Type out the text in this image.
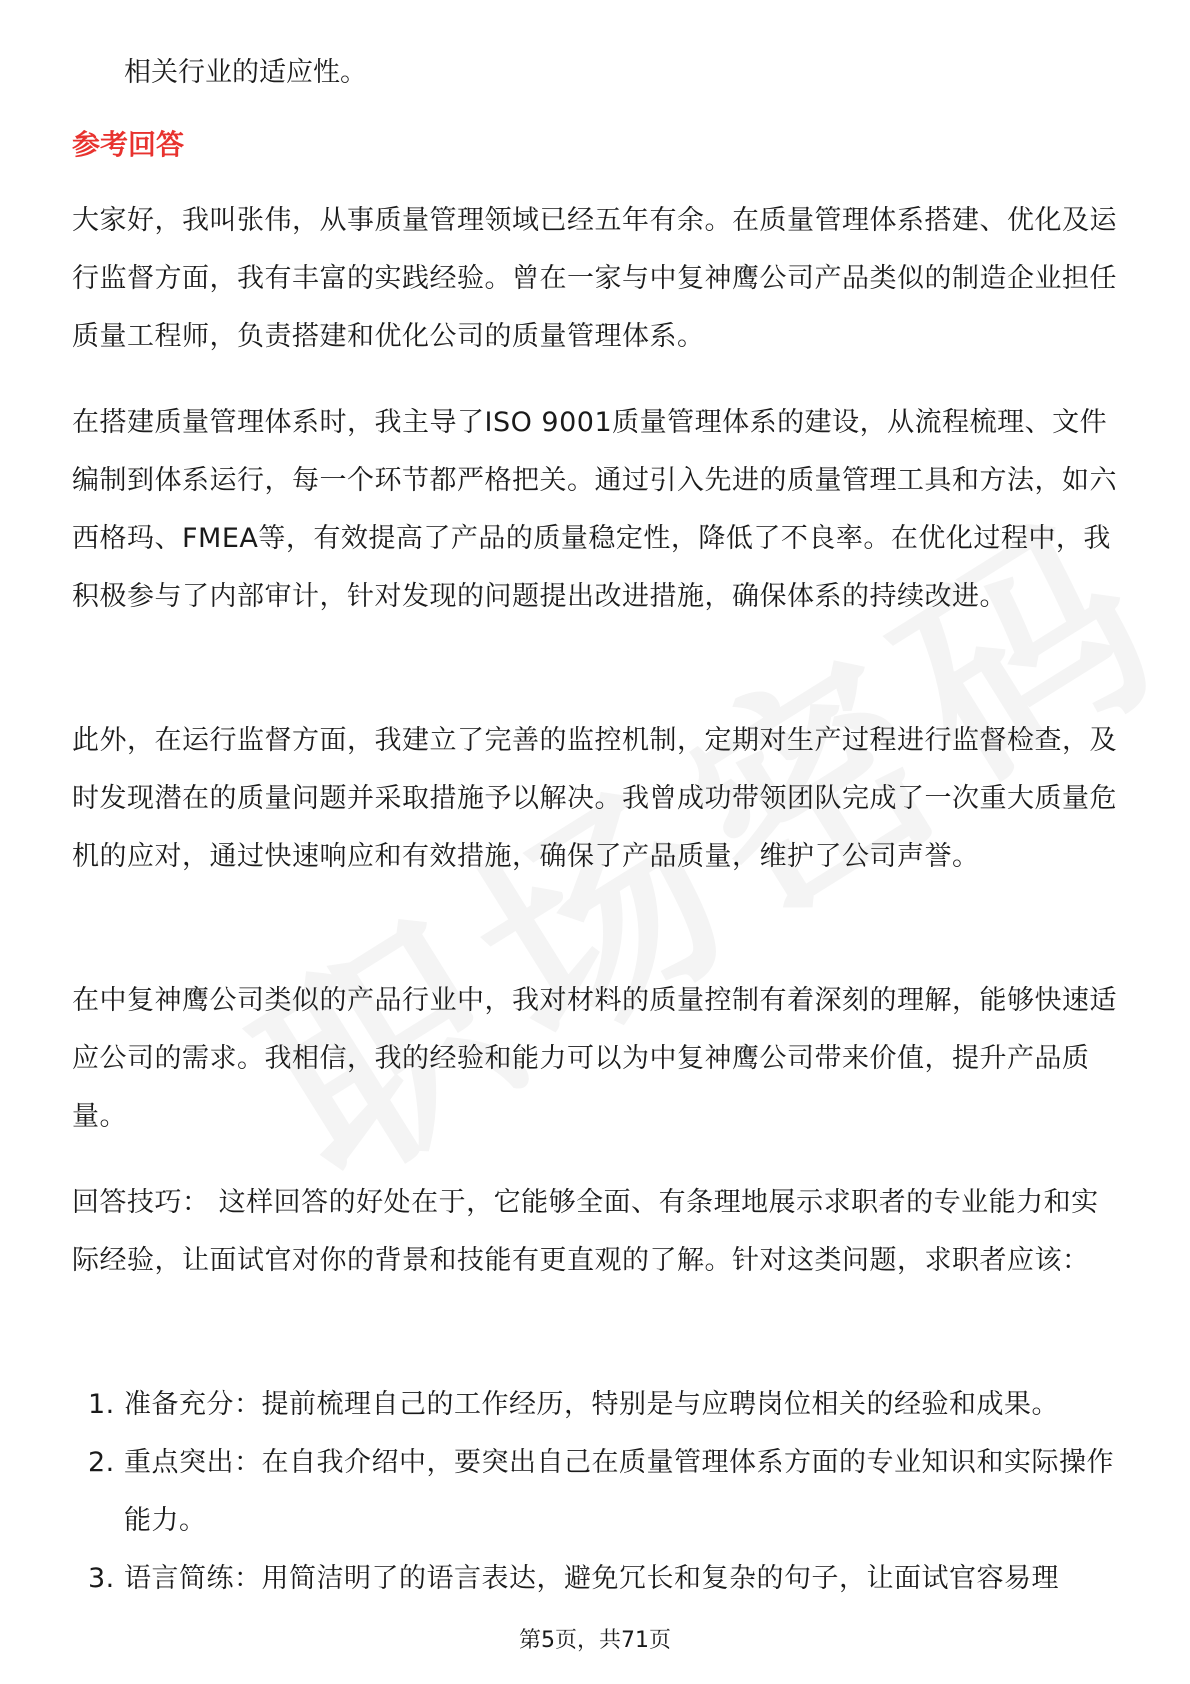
相关行业的适应性。
参考回答
大家好，我叫张伟，从事质量管理领域已经五年有余。在质量管理体系搭建、优化及运行监督方面，我有丰富的实践经验。曾在一家与中复神鹰公司产品类似的制造企业担任质量工程师，负责搭建和优化公司的质量管理体系。
在搭建质量管理体系时，我主导了ISO 9001质量管理体系的建设，从流程梳理、文件编制到体系运行，每一个环节都严格把关。通过引入先进的质量管理工具和方法，如六西格玛、FMEA等，有效提高了产品的质量稳定性，降低了不良率。在优化过程中，我积极参与了内部审计，针对发现的问题提出改进措施，确保体系的持续改进。
此外，在运行监督方面，我建立了完善的监控机制，定期对生产过程进行监督检查，及时发现潜在的质量问题并采取措施予以解决。我曾成功带领团队完成了一次重大质量危机的应对，通过快速响应和有效措施，确保了产品质量，维护了公司声誉。
在中复神鹰公司类似的产品行业中，我对材料的质量控制有着深刻的理解，能够快速适应公司的需求。我相信，我的经验和能力可以为中复神鹰公司带来价值，提升产品质量。
回答技巧： 这样回答的好处在于，它能够全面、有条理地展示求职者的专业能力和实际经验，让面试官对你的背景和技能有更直观的了解。针对这类问题，求职者应该：
1. 准备充分：提前梳理自己的工作经历，特别是与应聘岗位相关的经验和成果。
2. 重点突出：在自我介绍中，要突出自己在质量管理体系方面的专业知识和实际操作能力。
3. 语言简练：用简洁明了的语言表达，避免冗长和复杂的句子，让面试官容易理
第5页，共71页
